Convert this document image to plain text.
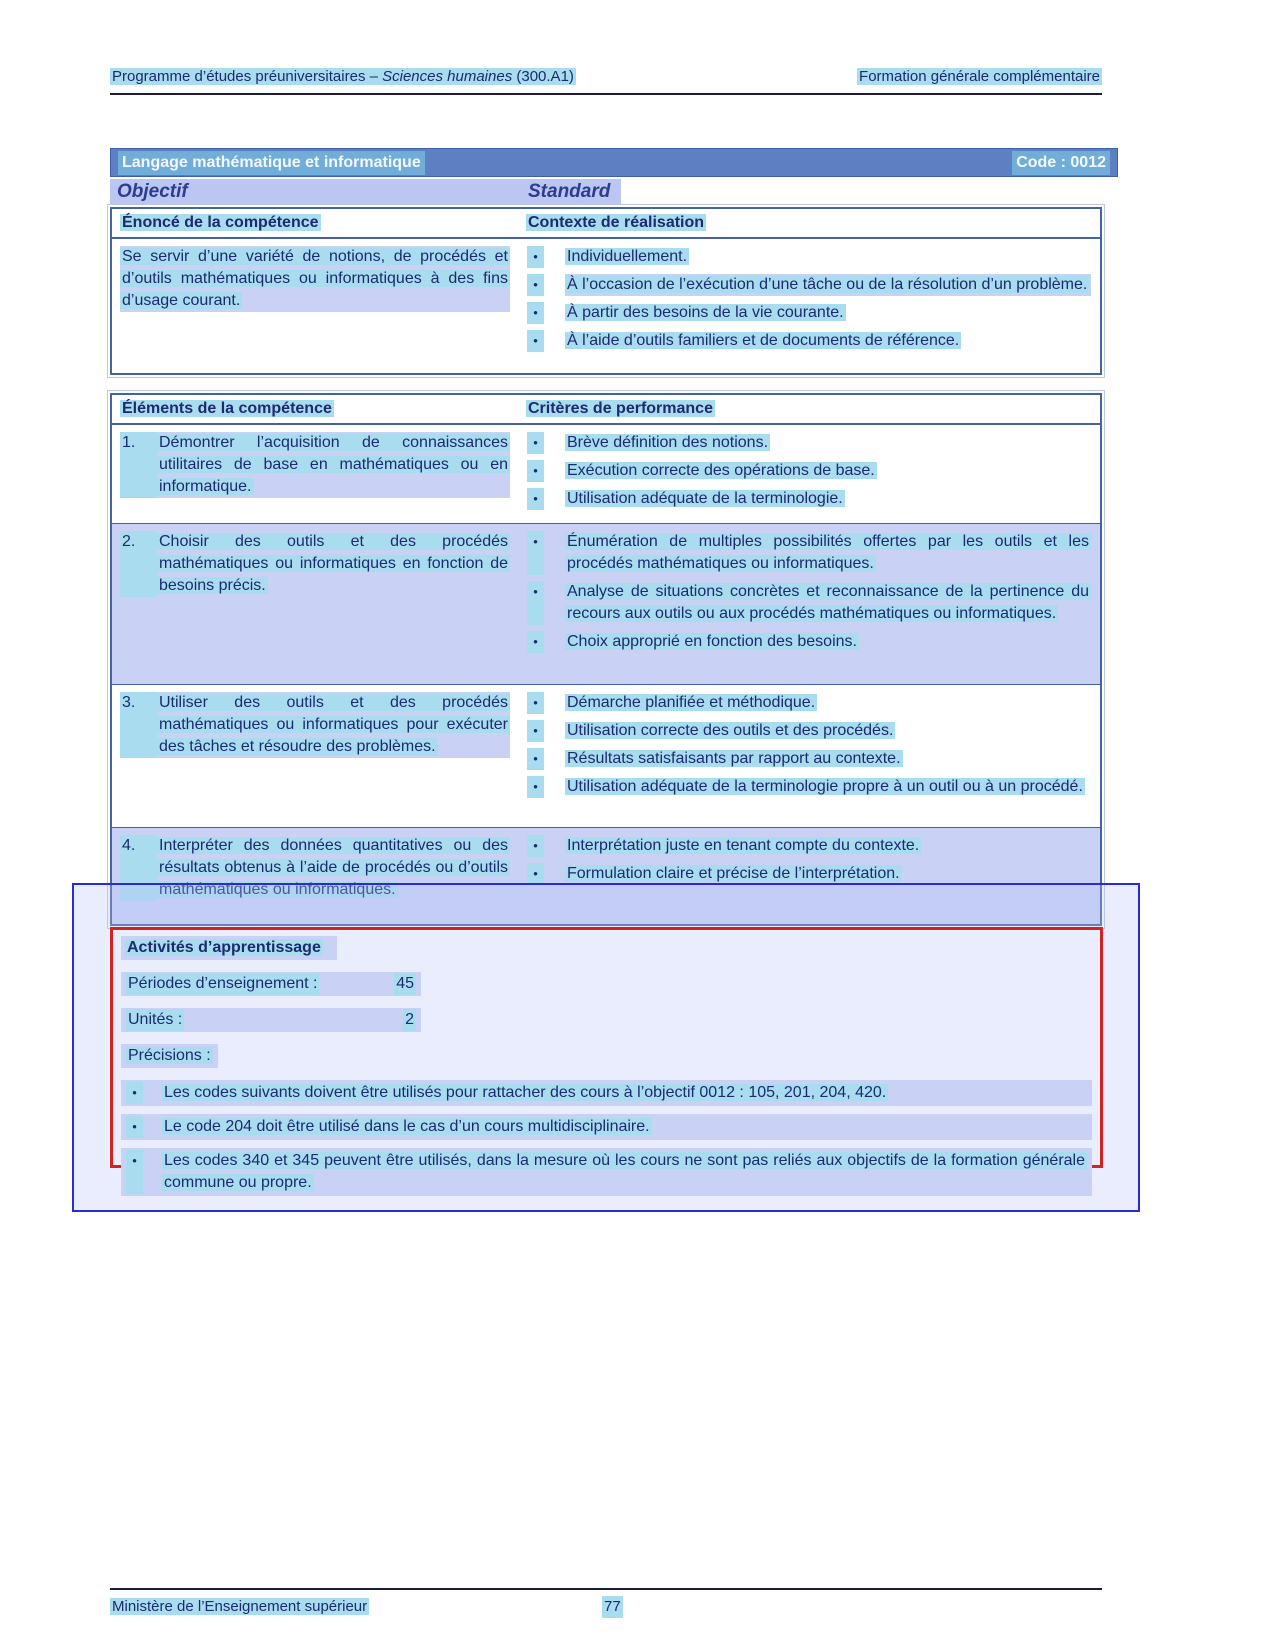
Programme d’études préuniversitaires – Sciences humaines (300.A1)	Formation générale complémentaire
Langage mathématique et informatique	Code : 0012
Objectif	Standard
Énoncé de la compétence	Contexte de réalisation
Se servir d’une variété de notions, de procédés et d’outils mathématiques ou informatiques à des fins d’usage courant.
•	Individuellement.
•	À l’occasion de l’exécution d’une tâche ou de la résolution d’un problème.
•	À partir des besoins de la vie courante.
•	À l’aide d’outils familiers et de documents de référence.
Éléments de la compétence	Critères de performance
1.	Démontrer l’acquisition de connaissances utilitaires de base en mathématiques ou en informatique.
•	Brève définition des notions.
•	Exécution correcte des opérations de base.
•	Utilisation adéquate de la terminologie.
2.	Choisir des outils et des procédés mathématiques ou informatiques en fonction de besoins précis.
•	Énumération de multiples possibilités offertes par les outils et les procédés mathématiques ou informatiques.
•	Analyse de situations concrètes et reconnaissance de la pertinence du recours aux outils ou aux procédés mathématiques ou informatiques.
•	Choix approprié en fonction des besoins.
3.	Utiliser des outils et des procédés mathématiques ou informatiques pour exécuter des tâches et résoudre des problèmes.
•	Démarche planifiée et méthodique.
•	Utilisation correcte des outils et des procédés.
•	Résultats satisfaisants par rapport au contexte.
•	Utilisation adéquate de la terminologie propre à un outil ou à un procédé.
4.	Interpréter des données quantitatives ou des résultats obtenus à l’aide de procédés ou d’outils mathématiques ou informatiques.
•	Interprétation juste en tenant compte du contexte.
•	Formulation claire et précise de l’interprétation.
Activités d’apprentissage
Périodes d’enseignement :	45
Unités :	2
Précisions :
•	Les codes suivants doivent être utilisés pour rattacher des cours à l’objectif 0012 : 105, 201, 204, 420.
•	Le code 204 doit être utilisé dans le cas d’un cours multidisciplinaire.
•	Les codes 340 et 345 peuvent être utilisés, dans la mesure où les cours ne sont pas reliés aux objectifs de la formation générale commune ou propre.
Ministère de l’Enseignement supérieur	77
